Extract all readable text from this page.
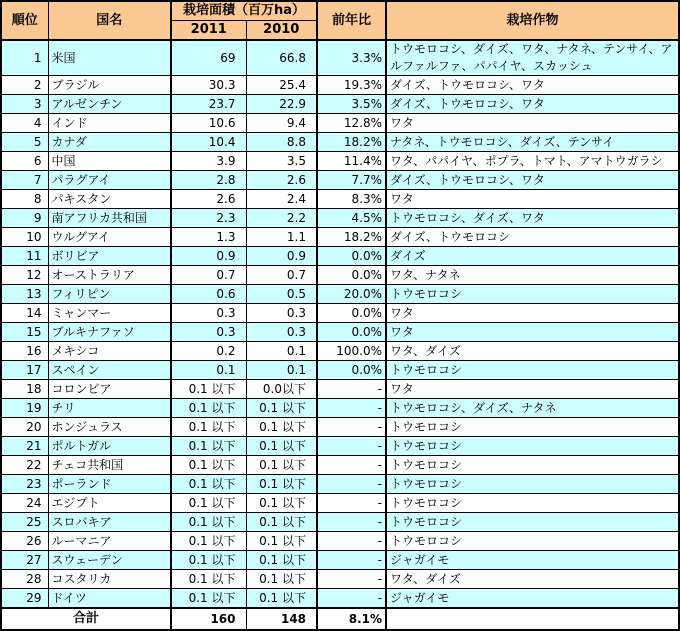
順位	国名	栽培面積（百万ha）		前年比	栽培作物
		2011	2010		
1	米国	69	66.8	3.3%	トウモロコシ、ダイズ、ワタ、ナタネ、テンサイ、アルファルファ、パパイヤ、スカッシュ
2	ブラジル	30.3	25.4	19.3%	ダイズ、トウモロコシ、ワタ
3	アルゼンチン	23.7	22.9	3.5%	ダイズ、トウモロコシ、ワタ
4	インド	10.6	9.4	12.8%	ワタ
5	カナダ	10.4	8.8	18.2%	ナタネ、トウモロコシ、ダイズ、テンサイ
6	中国	3.9	3.5	11.4%	ワタ、パパイヤ、ポプラ、トマト、アマトウガラシ
7	パラグアイ	2.8	2.6	7.7%	ダイズ、トウモロコシ、ワタ
8	パキスタン	2.6	2.4	8.3%	ワタ
9	南アフリカ共和国	2.3	2.2	4.5%	トウモロコシ、ダイズ、ワタ
10	ウルグアイ	1.3	1.1	18.2%	ダイズ、トウモロコシ
11	ボリビア	0.9	0.9	0.0%	ダイズ
12	オーストラリア	0.7	0.7	0.0%	ワタ、ナタネ
13	フィリピン	0.6	0.5	20.0%	トウモロコシ
14	ミャンマー	0.3	0.3	0.0%	ワタ
15	ブルキナファソ	0.3	0.3	0.0%	ワタ
16	メキシコ	0.2	0.1	100.0%	ワタ、ダイズ
17	スペイン	0.1	0.1	0.0%	トウモロコシ
18	コロンビア	0.1 以下	0.0以下	-	ワタ
19	チリ	0.1 以下	0.1 以下	-	トウモロコシ、ダイズ、ナタネ
20	ホンジュラス	0.1 以下	0.1 以下	-	トウモロコシ
21	ポルトガル	0.1 以下	0.1 以下	-	トウモロコシ
22	チェコ共和国	0.1 以下	0.1 以下	-	トウモロコシ
23	ポーランド	0.1 以下	0.1 以下	-	トウモロコシ
24	エジプト	0.1 以下	0.1 以下	-	トウモロコシ
25	スロバキア	0.1 以下	0.1 以下	-	トウモロコシ
26	ルーマニア	0.1 以下	0.1 以下	-	トウモロコシ
27	スウェーデン	0.1 以下	0.1 以下	-	ジャガイモ
28	コスタリカ	0.1 以下	0.1 以下	-	ワタ、ダイズ
29	ドイツ	0.1 以下	0.1 以下	-	ジャガイモ
合計		160	148	8.1%	
